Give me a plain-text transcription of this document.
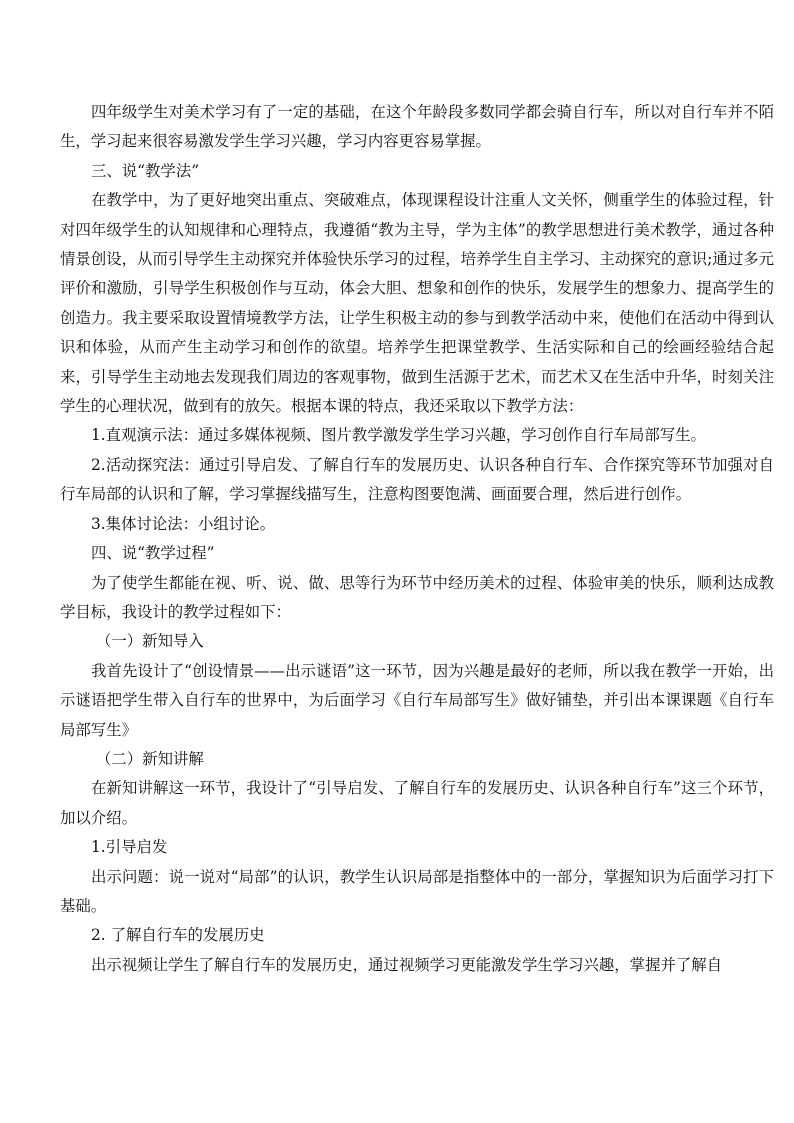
四年级学生对美术学习有了一定的基础，在这个年龄段多数同学都会骑自行车，所以对自行车并不陌生，学习起来很容易激发学生学习兴趣，学习内容更容易掌握。

三、说“教学法”

在教学中，为了更好地突出重点、突破难点，体现课程设计注重人文关怀，侧重学生的体验过程，针对四年级学生的认知规律和心理特点，我遵循“教为主导，学为主体”的教学思想进行美术教学，通过各种情景创设，从而引导学生主动探究并体验快乐学习的过程，培养学生自主学习、主动探究的意识;通过多元评价和激励，引导学生积极创作与互动，体会大胆、想象和创作的快乐，发展学生的想象力、提高学生的创造力。我主要采取设置情境教学方法，让学生积极主动的参与到教学活动中来，使他们在活动中得到认识和体验，从而产生主动学习和创作的欲望。培养学生把课堂教学、生活实际和自己的绘画经验结合起来，引导学生主动地去发现我们周边的客观事物，做到生活源于艺术，而艺术又在生活中升华，时刻关注学生的心理状况，做到有的放矢。根据本课的特点，我还采取以下教学方法：

1.直观演示法：通过多媒体视频、图片教学激发学生学习兴趣，学习创作自行车局部写生。

2.活动探究法：通过引导启发、了解自行车的发展历史、认识各种自行车、合作探究等环节加强对自行车局部的认识和了解，学习掌握线描写生，注意构图要饱满、画面要合理，然后进行创作。

3.集体讨论法：小组讨论。

四、说“教学过程”

为了使学生都能在视、听、说、做、思等行为环节中经历美术的过程、体验审美的快乐，顺利达成教学目标，我设计的教学过程如下：

（一）新知导入

我首先设计了“创设情景——出示谜语”这一环节，因为兴趣是最好的老师，所以我在教学一开始，出示谜语把学生带入自行车的世界中，为后面学习《自行车局部写生》做好铺垫，并引出本课课题《自行车局部写生》

（二）新知讲解

在新知讲解这一环节，我设计了“引导启发、了解自行车的发展历史、认识各种自行车”这三个环节，加以介绍。

1.引导启发

出示问题：说一说对“局部”的认识，教学生认识局部是指整体中的一部分，掌握知识为后面学习打下基础。

2. 了解自行车的发展历史

出示视频让学生了解自行车的发展历史，通过视频学习更能激发学生学习兴趣，掌握并了解自
